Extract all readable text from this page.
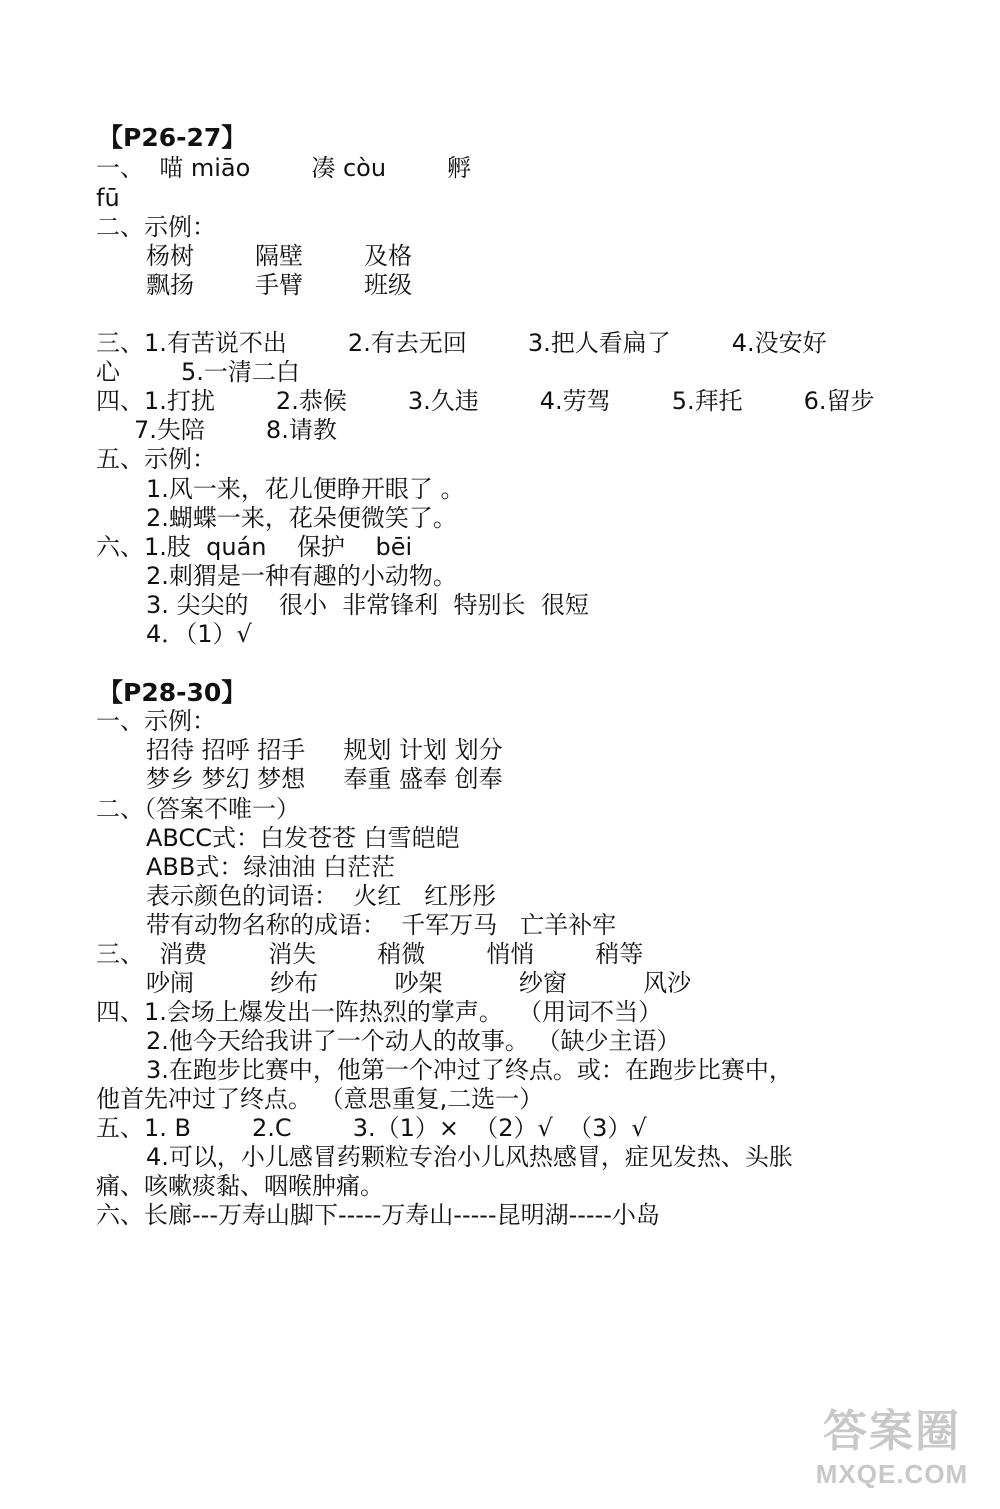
【P26-27】
一、  喵 miāo        凑 còu        孵
fū
二、示例：
杨树        隔壁        及格
飘扬        手臂        班级
三、1.有苦说不出        2.有去无回        3.把人看扁了        4.没安好
心        5.一清二白
四、1.打扰        2.恭候        3.久违        4.劳驾        5.拜托        6.留步
7.失陪        8.请教
五、示例：
1.风一来，花儿便睁开眼了 。
2.蝴蝶一来，花朵便微笑了。
六、1.肢  quán    保护    bēi
2.刺猬是一种有趣的小动物。
3. 尖尖的    很小  非常锋利  特别长  很短
4．（1）√
【P28-30】
一、示例：
招待 招呼 招手     规划 计划 划分
梦乡 梦幻 梦想     奉重 盛奉 创奉
二、（答案不唯一）
ABCC式：白发苍苍 白雪皑皑
ABB式：绿油油 白茫茫
表示颜色的词语：  火红   红彤彤
带有动物名称的成语：  千军万马   亡羊补牢
三、  消费        消失        稍微        悄悄        稍等
吵闹          纱布          吵架          纱窗          风沙
四、1.会场上爆发出一阵热烈的掌声。  （用词不当）
2.他今天给我讲了一个动人的故事。 （缺少主语）
3.在跑步比赛中，他第一个冲过了终点。或：在跑步比赛中，
他首先冲过了终点。 （意思重复,二选一）
五、1. B        2.C        3.（1）×  （2）√  （3）√
4.可以，小儿感冒药颗粒专治小儿风热感冒，症见发热、头胀
痛、咳嗽痰黏、咽喉肿痛。
六、长廊---万寿山脚下-----万寿山-----昆明湖-----小岛
答案圈
MXQE.COM
